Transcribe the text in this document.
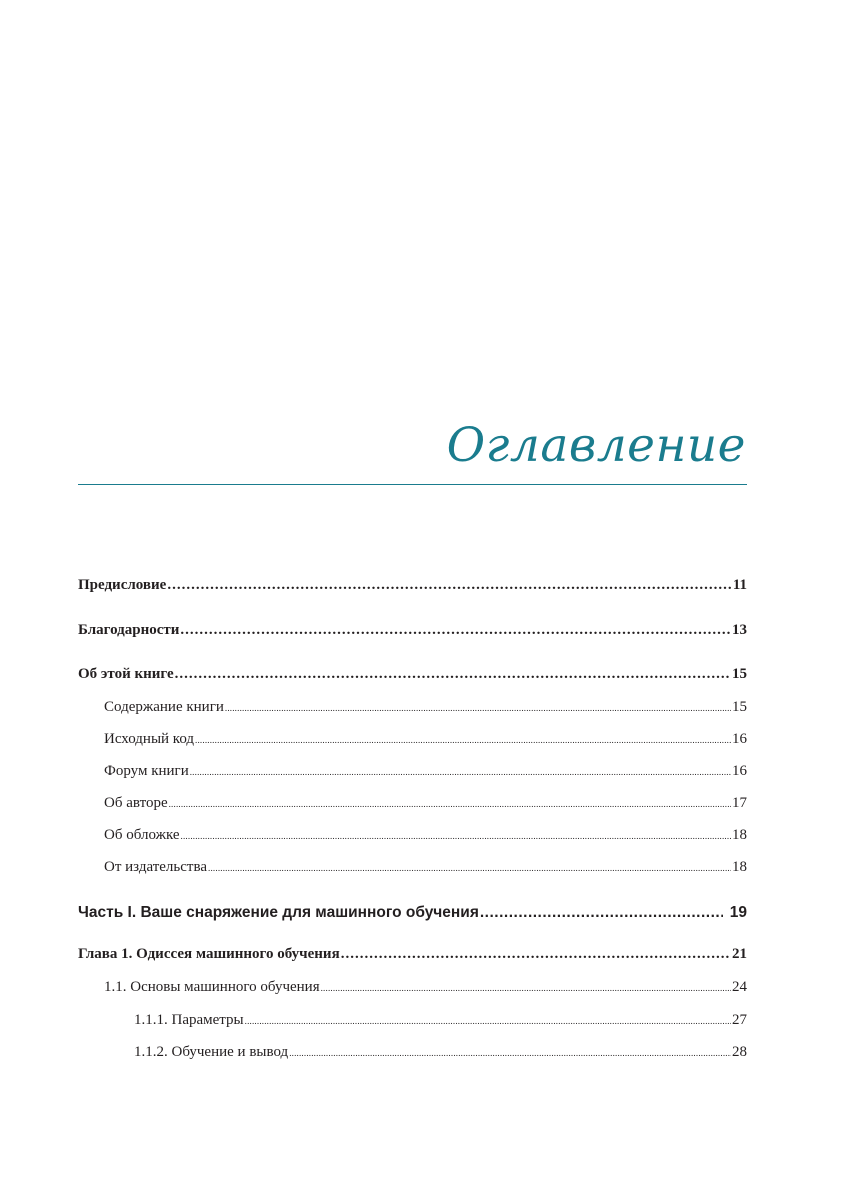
Оглавление
Предисловие .....	11
Благодарности .....	13
Об этой книге .....	15
Содержание книги .....	15
Исходный код .....	16
Форум книги .....	16
Об авторе .....	17
Об обложке .....	18
От издательства .....	18
Часть I. Ваше снаряжение для машинного обучения .....	19
Глава 1. Одиссея машинного обучения .....	21
1.1. Основы машинного обучения .....	24
1.1.1. Параметры .....	27
1.1.2. Обучение и вывод .....	28
